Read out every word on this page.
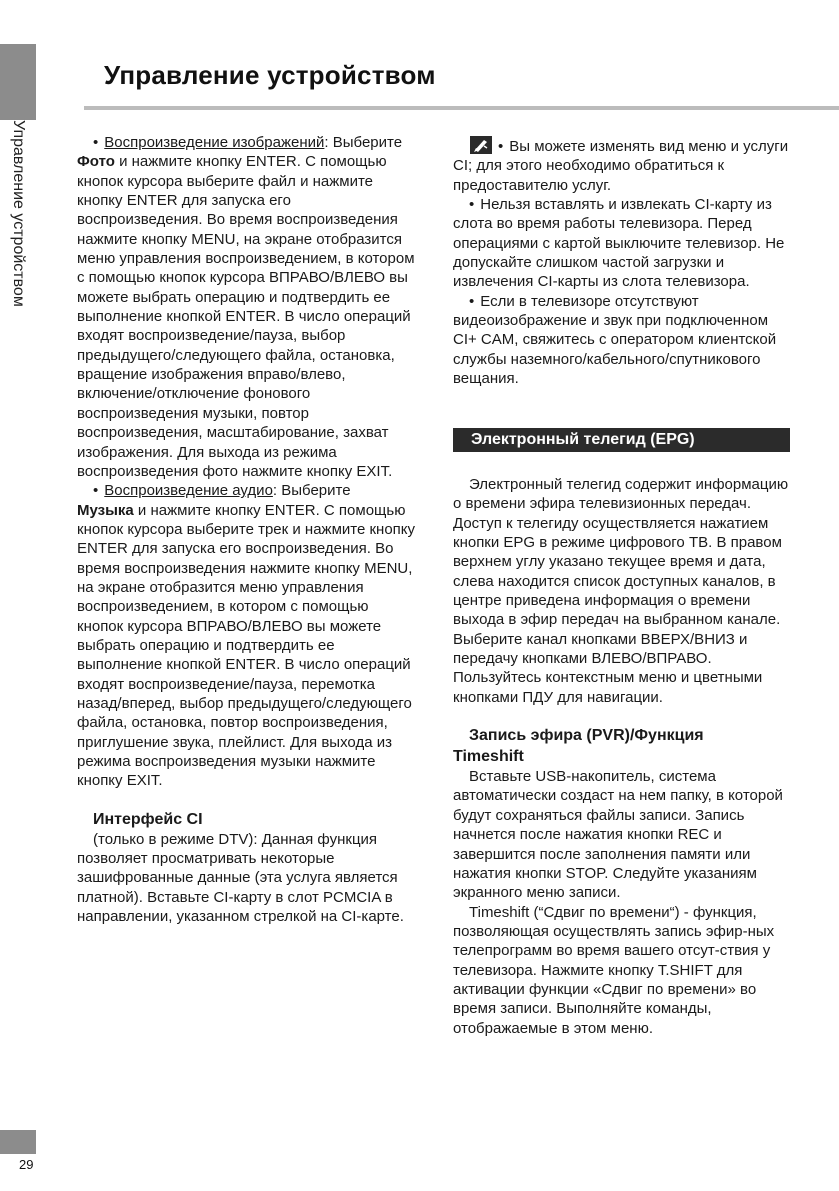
Управление устройством
Управление устройством

• Воспроизведение изображений: Выберите Фото и нажмите кнопку ENTER. С помощью кнопок курсора выберите файл и нажмите кнопку ENTER для запуска его воспроизведения. Во время воспроизведения нажмите кнопку MENU, на экране отобразится меню управления воспроизведением, в котором с помощью кнопок курсора ВПРАВО/ВЛЕВО вы можете выбрать операцию и подтвердить ее выполнение кнопкой ENTER. В число операций входят воспроизведение/пауза, выбор предыдущего/следующего файла, остановка, вращение изображения вправо/влево, включение/отключение фонового воспроизведения музыки, повтор воспроизведения, масштабирование, захват изображения. Для выхода из режима воспроизведения фото нажмите кнопку EXIT.

• Воспроизведение аудио: Выберите

Музыка и нажмите кнопку ENTER. С помощью кнопок курсора выберите трек и нажмите кнопку ENTER для запуска его воспроизведения. Во время воспроизведения нажмите кнопку MENU, на экране отобразится меню управления воспроизведением, в котором с помощью кнопок курсора ВПРАВО/ВЛЕВО вы можете выбрать операцию и подтвердить ее выполнение кнопкой ENTER. В число операций входят воспроизведение/пауза, перемотка назад/вперед, выбор предыдущего/следующего файла, остановка, повтор воспроизведения, приглушение звука, плейлист. Для выхода из режима воспроизведения музыки нажмите кнопку EXIT.

Интерфейс CI

(только в режиме DTV): Данная функция позволяет просматривать некоторые зашифрованные данные (эта услуга является платной). Вставьте CI-карту в слот PCMCIA в направлении, указанном стрелкой на CI-карте.

• Вы можете изменять вид меню и услуги CI; для этого необходимо обратиться к предоставителю услуг.

• Нельзя вставлять и извлекать CI-карту из слота во время работы телевизора. Перед операциями с картой выключите телевизор. Не допускайте слишком частой загрузки и извлечения CI-карты из слота телевизора.

• Если в телевизоре отсутствуют видеоизображение и звук при подключенном CI+ CAM, свяжитесь с оператором клиентской службы наземного/кабельного/спутникового вещания.

Электронный телегид (EPG)

Электронный телегид содержит информацию о времени эфира телевизионных передач. Доступ к телегиду осуществляется нажатием кнопки EPG в режиме цифрового ТВ. В правом верхнем углу указано текущее время и дата, слева находится список доступных каналов, в центре приведена информация о времени выхода в эфир передач на выбранном канале. Выберите канал кнопками ВВЕРХ/ВНИЗ и передачу кнопками ВЛЕВО/ВПРАВО. Пользуйтесь контекстным меню и цветными кнопками ПДУ для навигации.

Запись эфира (PVR)/Функция

Timeshift

Вставьте USB-накопитель, система автоматически создаст на нем папку, в которой будут сохраняться файлы записи. Запись начнется после нажатия кнопки REC и завершится после заполнения памяти или нажатия кнопки STOP. Следуйте указаниям экранного меню записи.

Timeshift (“Сдвиг по времени“) - функция, позволяющая осуществлять запись эфир-ных телепрограмм во время вашего отсут-ствия у телевизора. Нажмите кнопку T.SHIFT для активации функции «Сдвиг по времени» во время записи. Выполняйте команды, отображаемые в этом меню.

29
